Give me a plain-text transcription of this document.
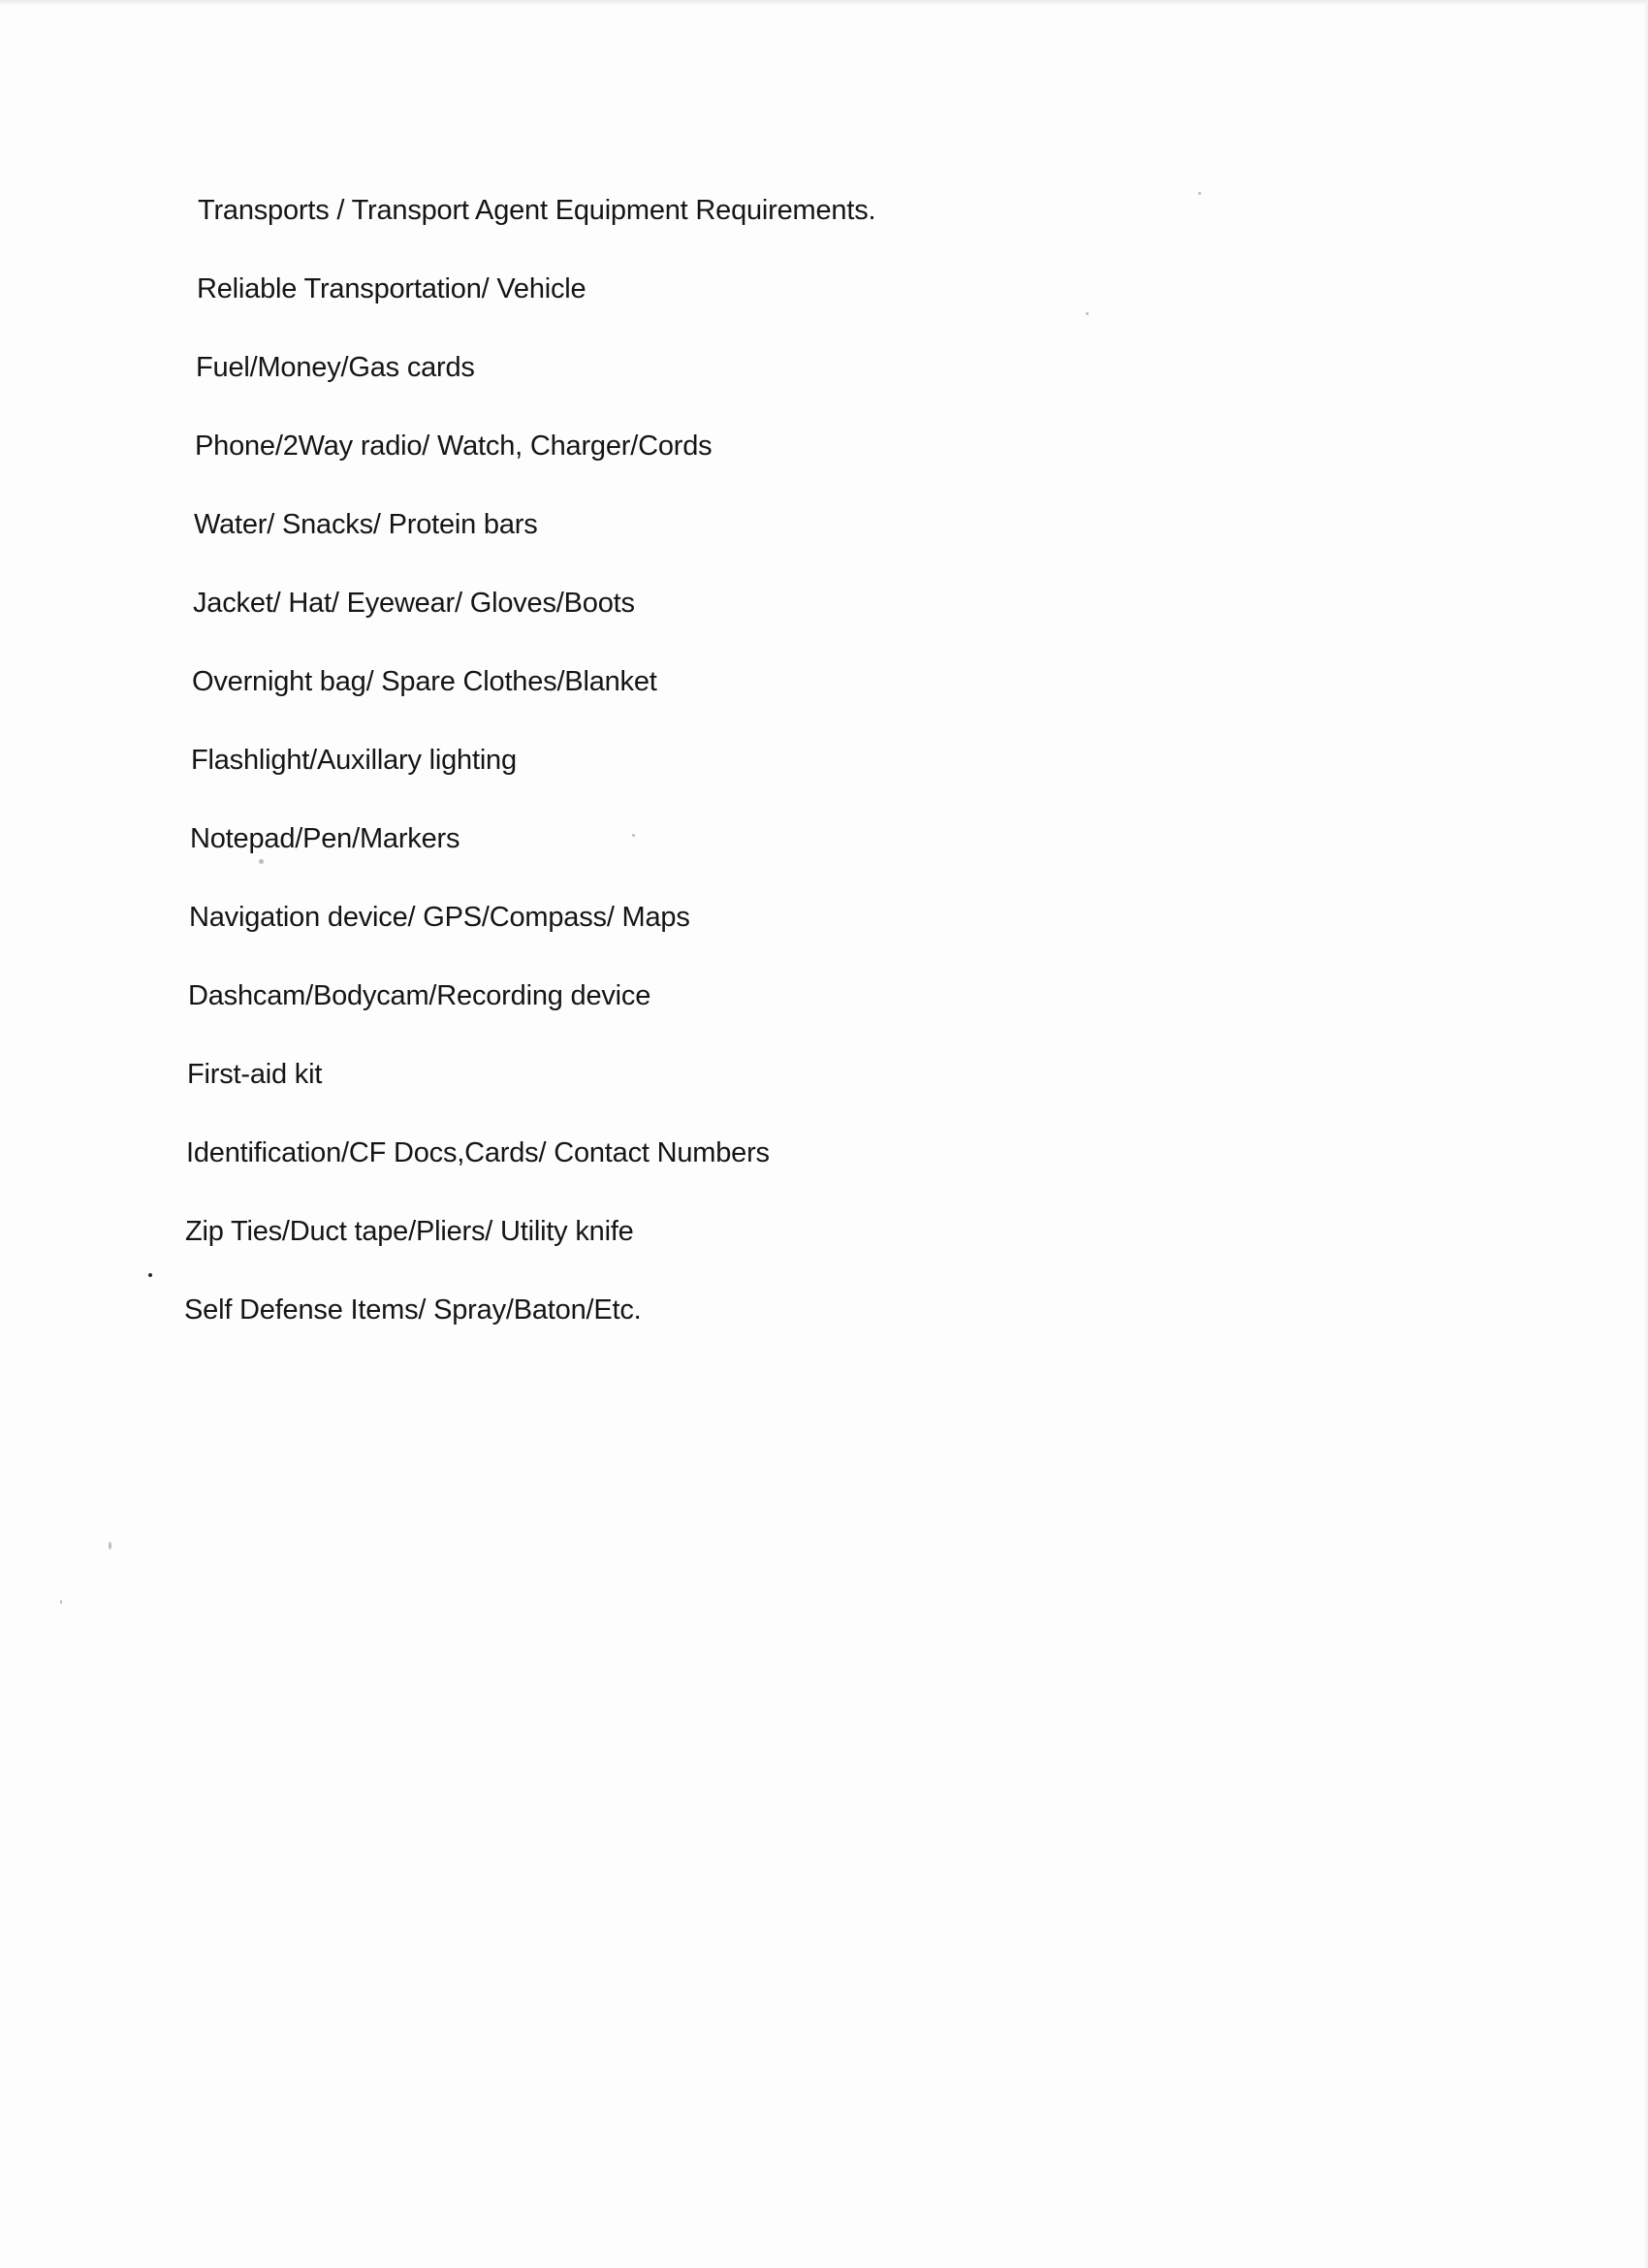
Transports / Transport Agent Equipment Requirements.
Reliable Transportation/ Vehicle
Fuel/Money/Gas cards
Phone/2Way radio/ Watch, Charger/Cords
Water/ Snacks/ Protein bars
Jacket/ Hat/ Eyewear/ Gloves/Boots
Overnight bag/ Spare Clothes/Blanket
Flashlight/Auxillary lighting
Notepad/Pen/Markers
Navigation device/ GPS/Compass/ Maps
Dashcam/Bodycam/Recording device
First-aid kit
Identification/CF Docs,Cards/ Contact Numbers
Zip Ties/Duct tape/Pliers/ Utility knife
Self Defense Items/ Spray/Baton/Etc.
